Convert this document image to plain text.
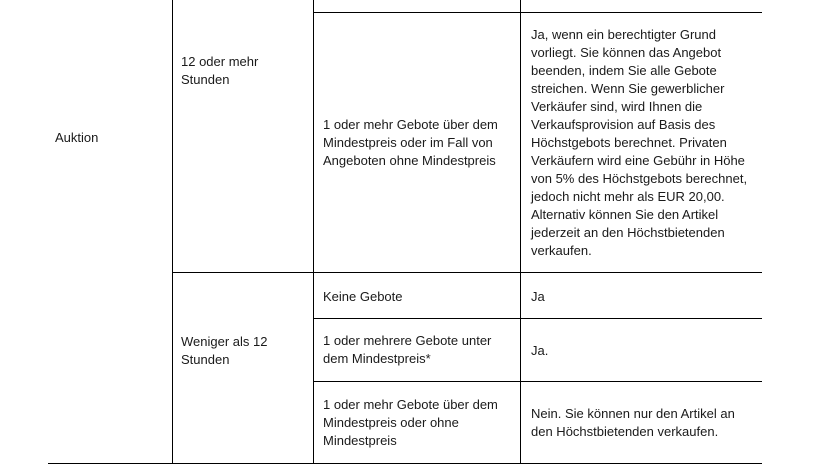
Auktion
12 oder mehr Stunden
1 oder mehr Gebote über dem Mindestpreis oder im Fall von Angeboten ohne Mindestpreis
Ja, wenn ein berechtigter Grund vorliegt. Sie können das Angebot beenden, indem Sie alle Gebote streichen. Wenn Sie gewerblicher Verkäufer sind, wird Ihnen die Verkaufsprovision auf Basis des Höchstgebots berechnet. Privaten Verkäufern wird eine Gebühr in Höhe von 5% des Höchstgebots berechnet, jedoch nicht mehr als EUR 20,00. Alternativ können Sie den Artikel jederzeit an den Höchstbietenden verkaufen.
Weniger als 12 Stunden
Keine Gebote	Ja
1 oder mehrere Gebote unter dem Mindestpreis*
Ja.
1 oder mehr Gebote über dem Mindestpreis oder ohne Mindestpreis
Nein. Sie können nur den Artikel an den Höchstbietenden verkaufen.
